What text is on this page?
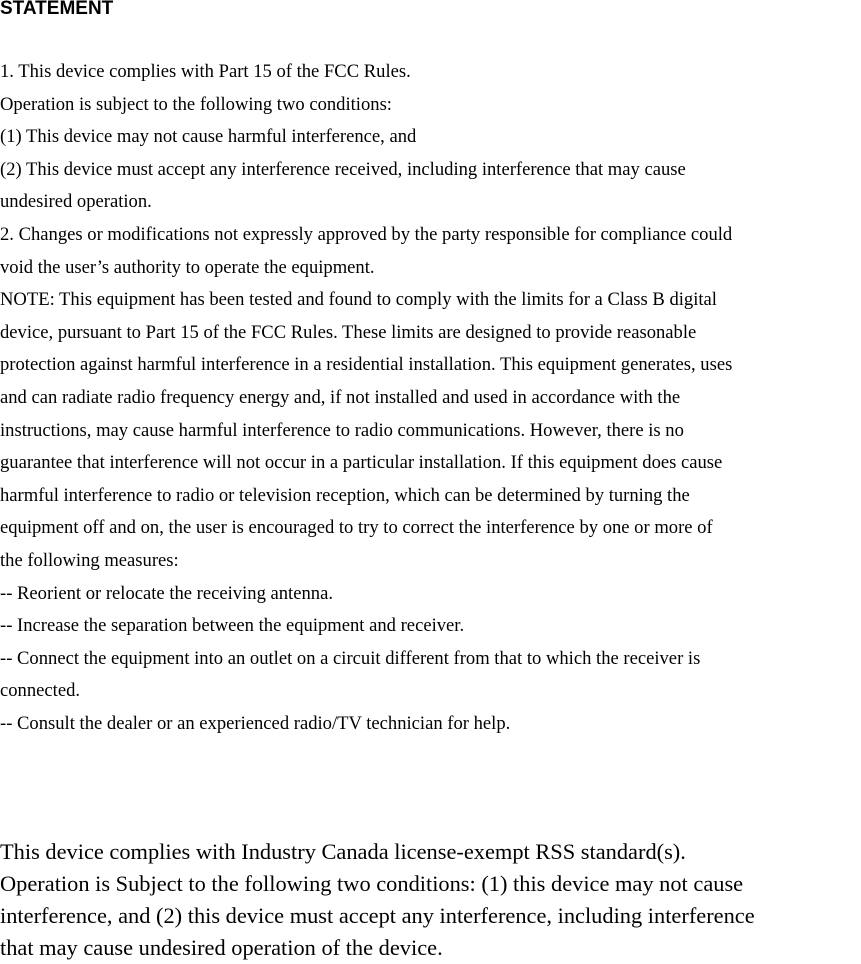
STATEMENT
1. This device complies with Part 15 of the FCC Rules.
Operation is subject to the following two conditions:
(1) This device may not cause harmful interference, and
(2) This device must accept any interference received, including interference that may cause
undesired operation.
2. Changes or modifications not expressly approved by the party responsible for compliance could
void the user’s authority to operate the equipment.
NOTE: This equipment has been tested and found to comply with the limits for a Class B digital
device, pursuant to Part 15 of the FCC Rules. These limits are designed to provide reasonable
protection against harmful interference in a residential installation. This equipment generates, uses
and can radiate radio frequency energy and, if not installed and used in accordance with the
instructions, may cause harmful interference to radio communications. However, there is no
guarantee that interference will not occur in a particular installation. If this equipment does cause
harmful interference to radio or television reception, which can be determined by turning the
equipment off and on, the user is encouraged to try to correct the interference by one or more of
the following measures:
-- Reorient or relocate the receiving antenna.
-- Increase the separation between the equipment and receiver.
-- Connect the equipment into an outlet on a circuit different from that to which the receiver is
connected.
-- Consult the dealer or an experienced radio/TV technician for help.
This device complies with Industry Canada license-exempt RSS standard(s).
Operation is Subject to the following two conditions: (1) this device may not cause
interference, and (2) this device must accept any interference, including interference
that may cause undesired operation of the device.
